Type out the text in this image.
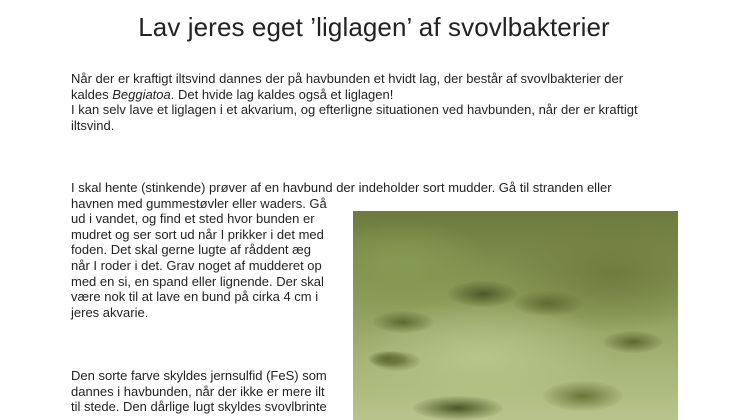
Lav jeres eget ’liglagen’ af svovlbakterier
Når der er kraftigt iltsvind dannes der på havbunden et hvidt lag, der består af svovlbakterier der
kaldes Beggiatoa. Det hvide lag kaldes også et liglagen!
I kan selv lave et liglagen i et akvarium, og efterligne situationen ved havbunden, når der er kraftigt
iltsvind.
I skal hente (stinkende) prøver af en havbund der indeholder sort mudder. Gå til stranden eller
havnen med gummestøvler eller waders. Gå
ud i vandet, og find et sted hvor bunden er
mudret og ser sort ud når I prikker i det med
foden. Det skal gerne lugte af råddent æg
når I roder i det. Grav noget af mudderet op
med en si, en spand eller lignende. Der skal
være nok til at lave en bund på cirka 4 cm i
jeres akvarie.
Den sorte farve skyldes jernsulfid (FeS) som
dannes i havbunden, når der ikke er mere ilt
til stede. Den dårlige lugt skyldes svovlbrinte
